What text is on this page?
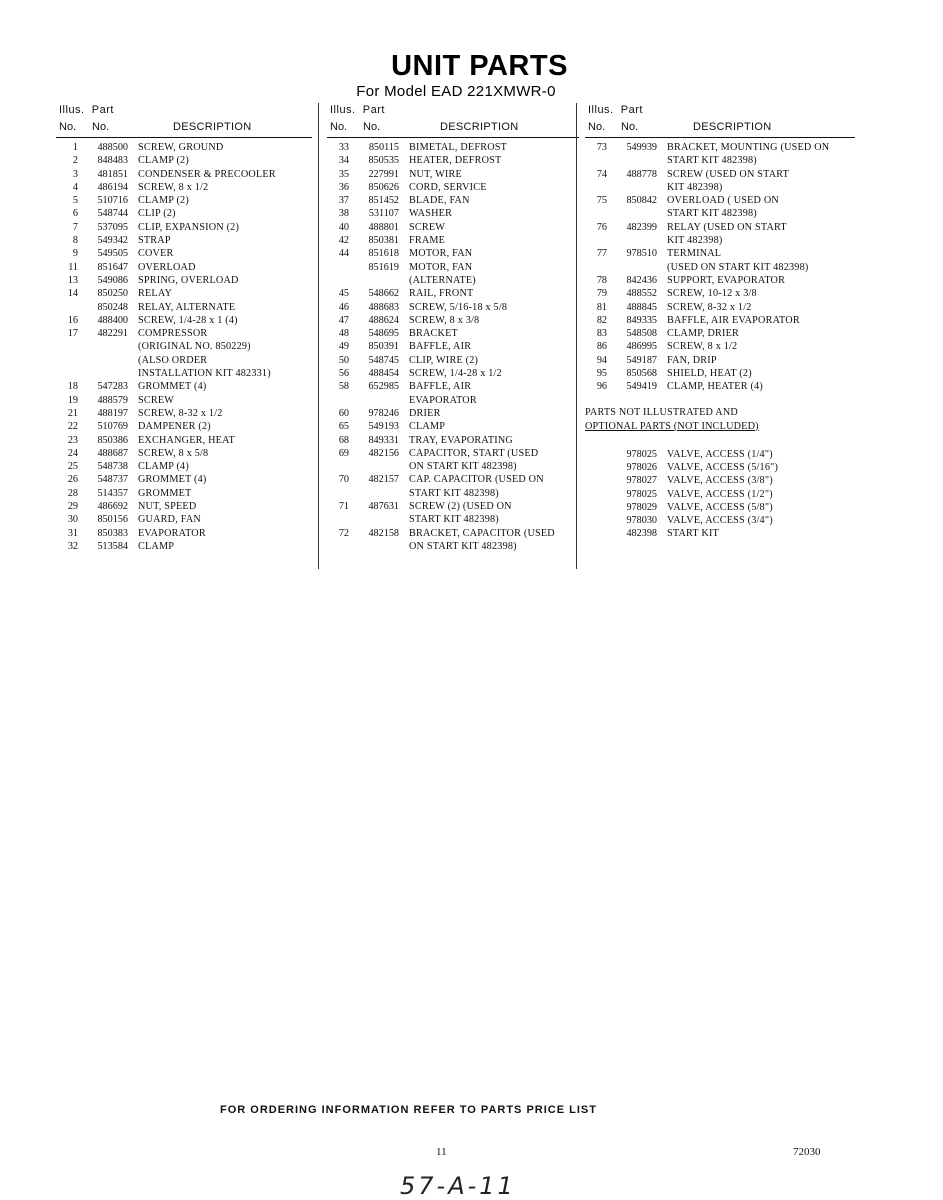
UNIT PARTS
For Model EAD 221XMWR-0
Illus. Part
No. No.	DESCRIPTION
1	488500 SCREW, GROUND
2	848483 CLAMP (2)
3	481851 CONDENSER & PRECOOLER
4	486194 SCREW, 8 x 1/2
5	510716 CLAMP (2)
6	548744 CLIP (2)
7	537095 CLIP, EXPANSION (2)
8	549342 STRAP
9	549505 COVER
11	851647 OVERLOAD
13	549086 SPRING, OVERLOAD
14	850250 RELAY
850248 RELAY, ALTERNATE
16	488400 SCREW, 1/4-28 x 1 (4)
17	482291 COMPRESSOR
(ORIGINAL NO. 850229)
(ALSO ORDER
INSTALLATION KIT 482331)
18	547283 GROMMET (4)
19	488579 SCREW
21	488197 SCREW, 8-32 x 1/2
22	510769 DAMPENER (2)
23	850386 EXCHANGER, HEAT
24	488687 SCREW, 8 x 5/8
25	548738 CLAMP (4)
26	548737 GROMMET (4)
28	514357 GROMMET
29	486692 NUT, SPEED
30	850156 GUARD, FAN
31	850383 EVAPORATOR
32	513584 CLAMP
Illus. Part
No. No.	DESCRIPTION
33	850115 BIMETAL, DEFROST
34	850535 HEATER, DEFROST
35	227991 NUT, WIRE
36	850626 CORD, SERVICE
37	851452 BLADE, FAN
38	531107 WASHER
40	488801 SCREW
42	850381 FRAME
44	851618 MOTOR, FAN
851619 MOTOR, FAN
(ALTERNATE)
45	548662 RAIL, FRONT
46	488683 SCREW, 5/16-18 x 5/8
47	488624 SCREW, 8 x 3/8
48	548695 BRACKET
49	850391 BAFFLE, AIR
50	548745 CLIP, WIRE (2)
56	488454 SCREW, 1/4-28 x 1/2
58	652985 BAFFLE, AIR
EVAPORATOR
60	978246 DRIER
65	549193 CLAMP
68	849331 TRAY, EVAPORATING
69	482156 CAPACITOR, START (USED
ON START KIT 482398)
70	482157 CAP. CAPACITOR (USED ON
START KIT 482398)
71	487631 SCREW (2) (USED ON
START KIT 482398)
72	482158 BRACKET, CAPACITOR (USED
ON START KIT 482398)
Illus. Part
No. No.	DESCRIPTION
73	549939 BRACKET, MOUNTING (USED ON
START KIT 482398)
74	488778 SCREW (USED ON START
KIT 482398)
75	850842 OVERLOAD ( USED ON
START KIT 482398)
76	482399 RELAY (USED ON START
KIT 482398)
77	978510 TERMINAL
(USED ON START KIT 482398)
78	842436 SUPPORT, EVAPORATOR
79	488552 SCREW, 10-12 x 3/8
81	488845 SCREW, 8-32 x 1/2
82	849335 BAFFLE, AIR EVAPORATOR
83	548508 CLAMP, DRIER
86	486995 SCREW, 8 x 1/2
94	549187 FAN, DRIP
95	850568 SHIELD, HEAT (2)
96	549419 CLAMP, HEATER (4)
PARTS NOT ILLUSTRATED AND
OPTIONAL PARTS (NOT INCLUDED)
978025 VALVE, ACCESS (1/4")
978026 VALVE, ACCESS (5/16")
978027 VALVE, ACCESS (3/8")
978025 VALVE, ACCESS (1/2")
978029 VALVE, ACCESS (5/8")
978030 VALVE, ACCESS (3/4")
482398 START KIT
FOR ORDERING INFORMATION REFER TO PARTS PRICE LIST
11	72030
57-A-11
